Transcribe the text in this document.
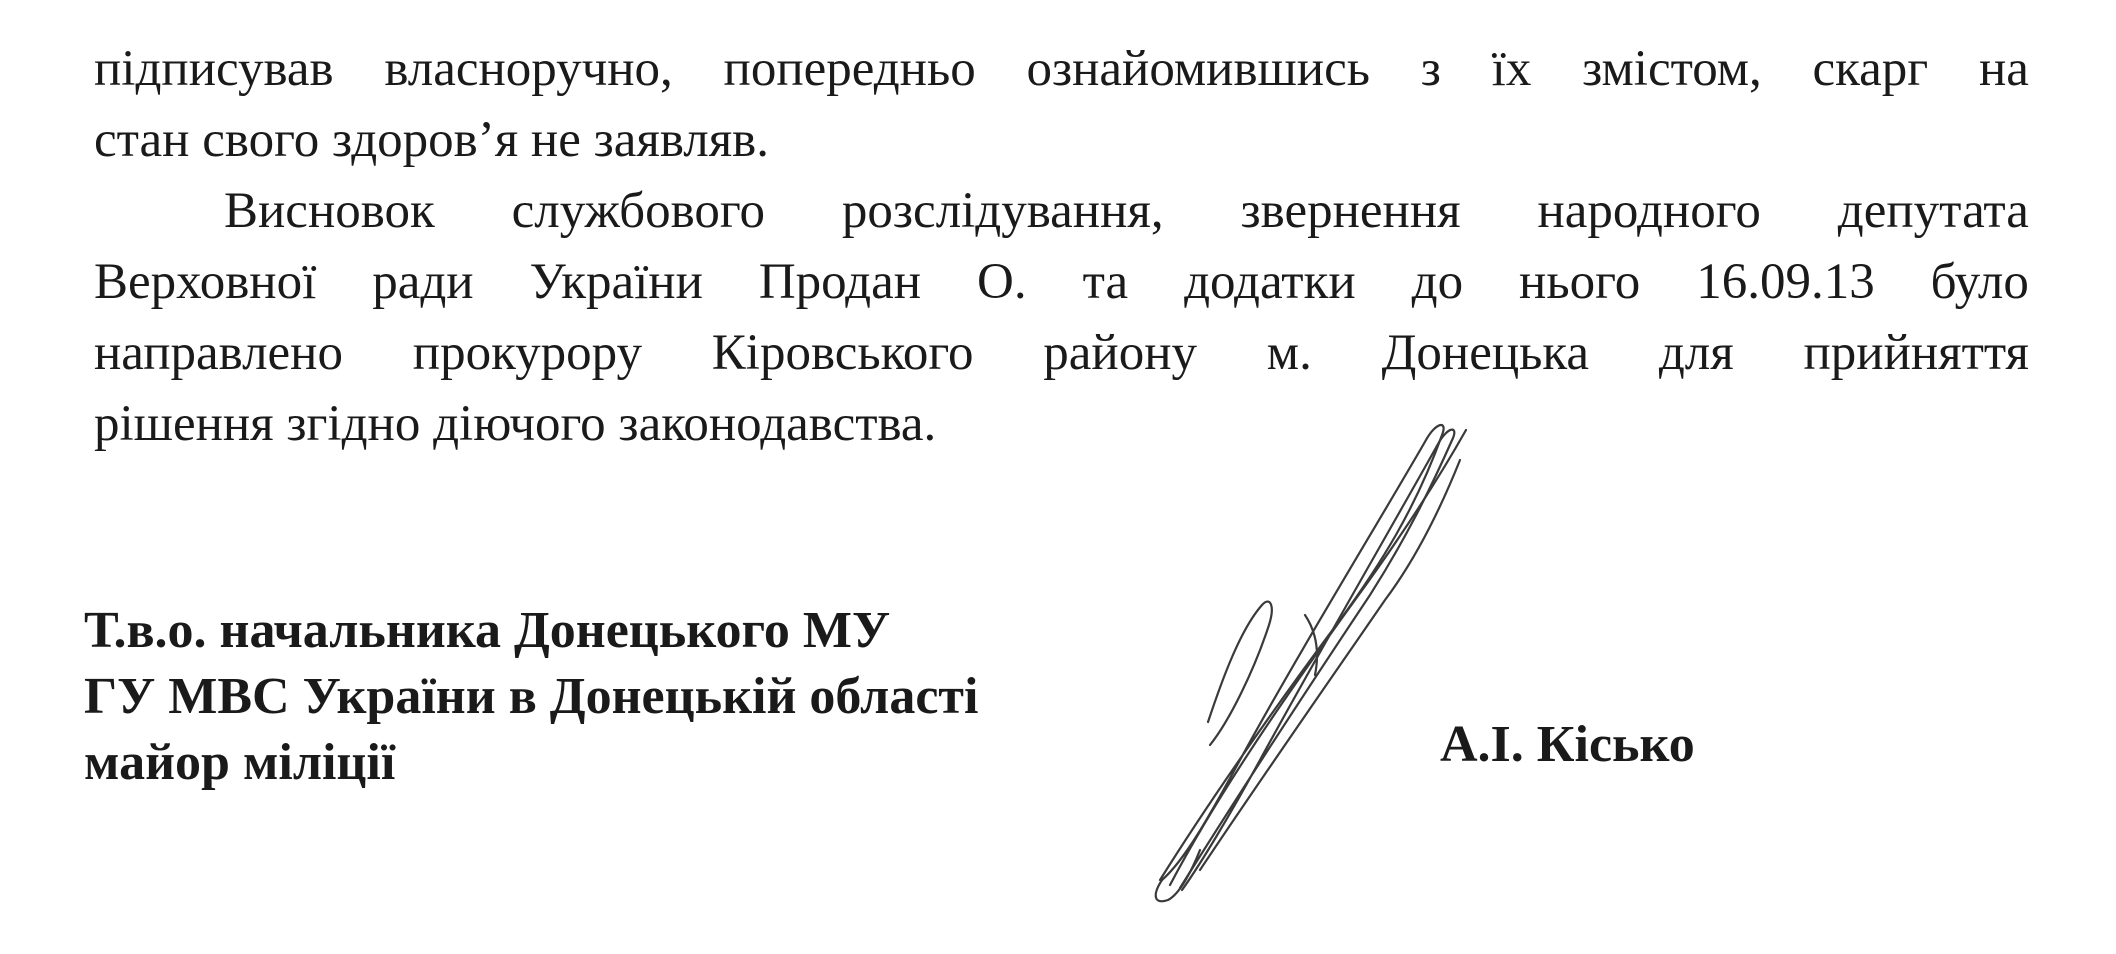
підписував власноручно, попередньо ознайомившись з їх змістом, скарг на
стан свого здоров’я не заявляв.
Висновок службового розслідування, звернення народного депутата
Верховної ради України Продан О. та додатки до нього 16.09.13 було
направлено прокурору Кіровського району м. Донецька для прийняття
рішення згідно діючого законодавства.
Т.в.о. начальника Донецького МУ
ГУ МВС України в Донецькій області
майор міліції	А.І. Кісько
